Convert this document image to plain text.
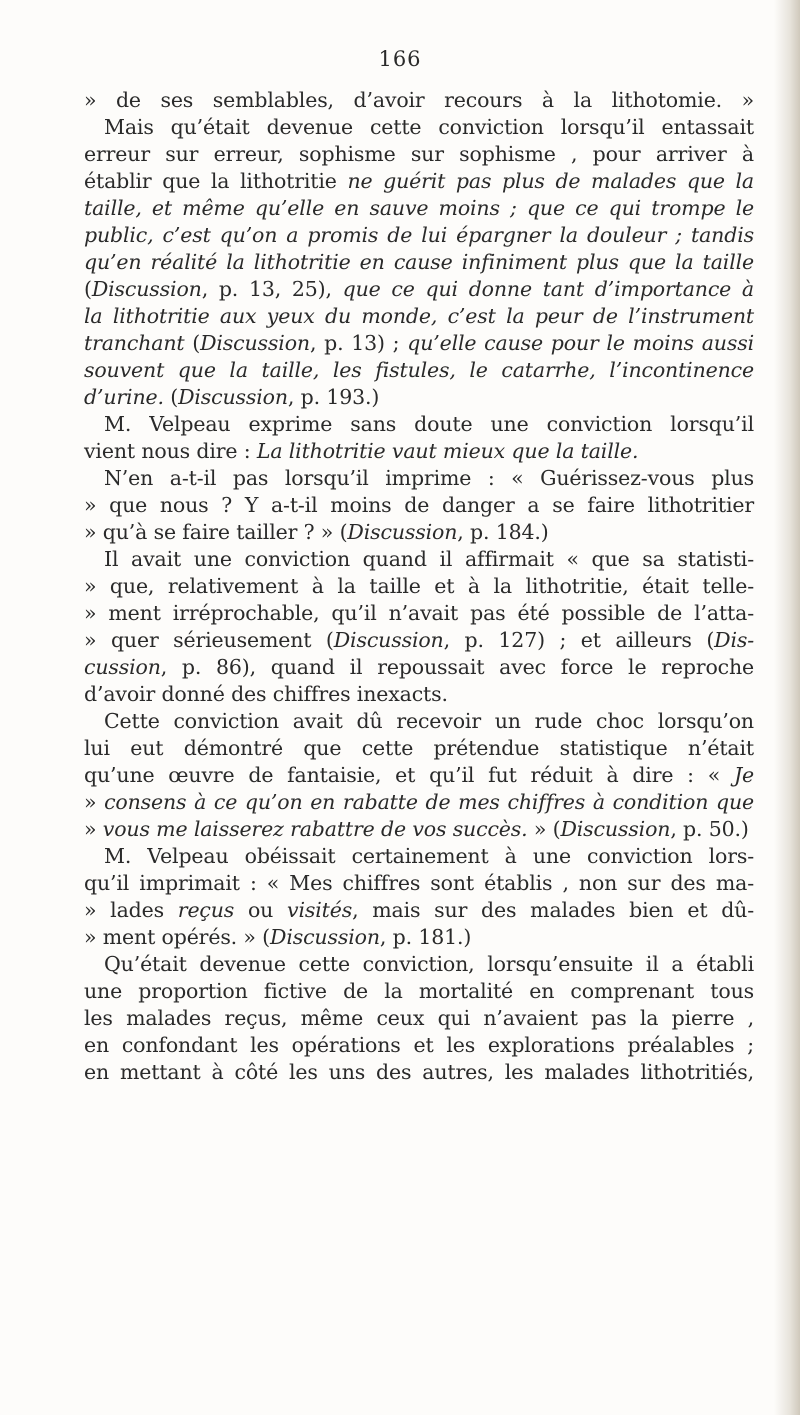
166
» de ses semblables, d’avoir recours à la lithotomie. »
Mais qu’était devenue cette conviction lorsqu’il entassait
erreur sur erreur, sophisme sur sophisme , pour arriver à
établir que la lithotritie ne guérit pas plus de malades que la
taille, et même qu’elle en sauve moins ; que ce qui trompe le
public, c’est qu’on a promis de lui épargner la douleur ; tandis
qu’en réalité la lithotritie en cause infiniment plus que la taille
(Discussion, p. 13, 25), que ce qui donne tant d’importance à
la lithotritie aux yeux du monde, c’est la peur de l’instrument
tranchant (Discussion, p. 13) ; qu’elle cause pour le moins aussi
souvent que la taille, les fistules, le catarrhe, l’incontinence
d’urine. (Discussion, p. 193.)
M. Velpeau exprime sans doute une conviction lorsqu’il
vient nous dire : La lithotritie vaut mieux que la taille.
N’en a-t-il pas lorsqu’il imprime : « Guérissez-vous plus
» que nous ? Y a-t-il moins de danger a se faire lithotritier
» qu’à se faire tailler ? » (Discussion, p. 184.)
Il avait une conviction quand il affirmait « que sa statisti-
» que, relativement à la taille et à la lithotritie, était telle-
» ment irréprochable, qu’il n’avait pas été possible de l’atta-
» quer sérieusement (Discussion, p. 127) ; et ailleurs (Dis-
cussion, p. 86), quand il repoussait avec force le reproche
d’avoir donné des chiffres inexacts.
Cette conviction avait dû recevoir un rude choc lorsqu’on
lui eut démontré que cette prétendue statistique n’était
qu’une œuvre de fantaisie, et qu’il fut réduit à dire : « Je
» consens à ce qu’on en rabatte de mes chiffres à condition que
» vous me laisserez rabattre de vos succès. » (Discussion, p. 50.)
M. Velpeau obéissait certainement à une conviction lors-
qu’il imprimait : « Mes chiffres sont établis , non sur des ma-
» lades reçus ou visités, mais sur des malades bien et dû-
» ment opérés. » (Discussion, p. 181.)
Qu’était devenue cette conviction, lorsqu’ensuite il a établi
une proportion fictive de la mortalité en comprenant tous
les malades reçus, même ceux qui n’avaient pas la pierre ,
en confondant les opérations et les explorations préalables ;
en mettant à côté les uns des autres, les malades lithotritiés,
